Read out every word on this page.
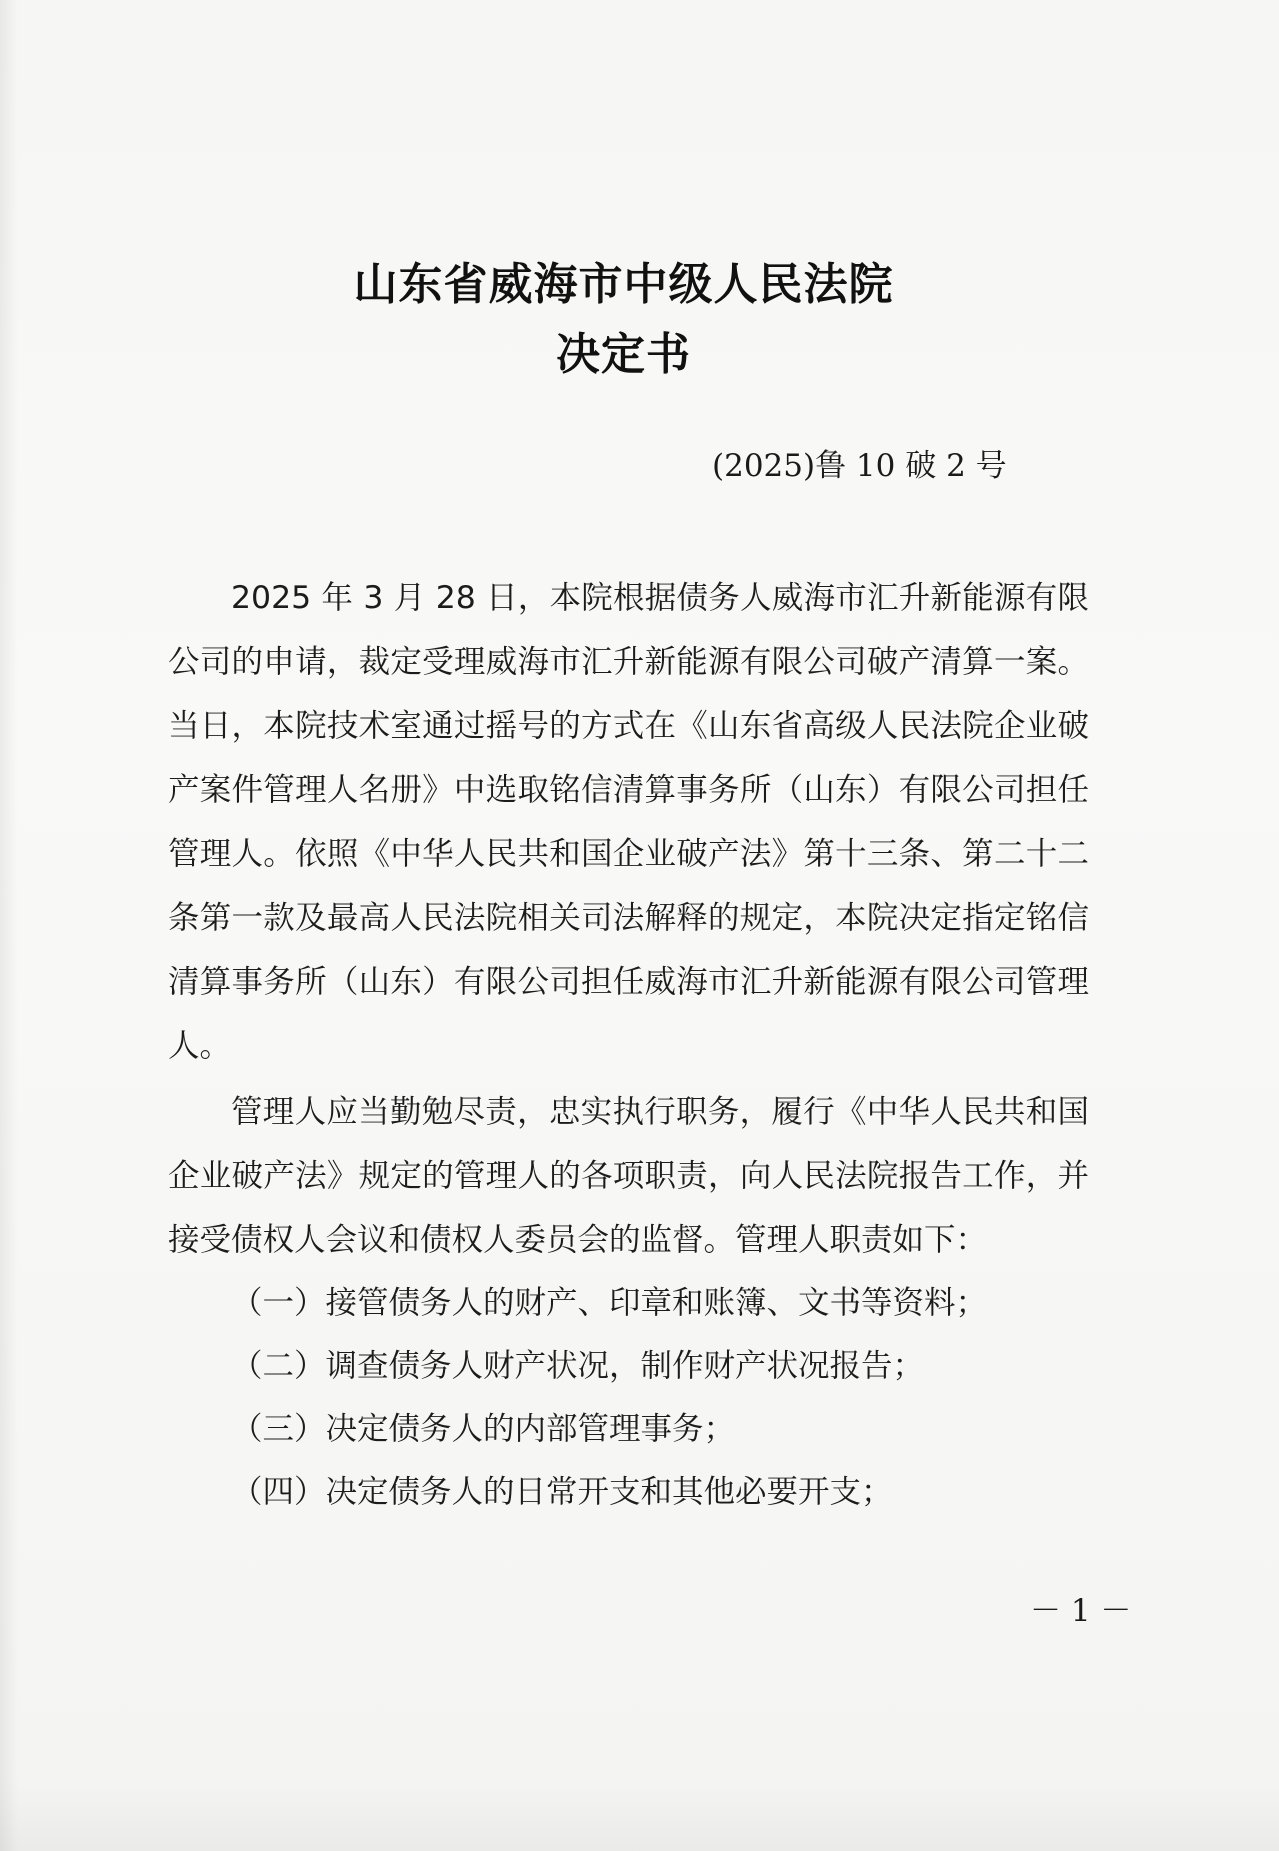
山东省威海市中级人民法院
决定书
(2025)鲁 10 破 2 号

2025 年 3 月 28 日，本院根据债务人威海市汇升新能源有限公司的申请，裁定受理威海市汇升新能源有限公司破产清算一案。当日，本院技术室通过摇号的方式在《山东省高级人民法院企业破产案件管理人名册》中选取铭信清算事务所（山东）有限公司担任管理人。依照《中华人民共和国企业破产法》第十三条、第二十二条第一款及最高人民法院相关司法解释的规定，本院决定指定铭信清算事务所（山东）有限公司担任威海市汇升新能源有限公司管理人。

管理人应当勤勉尽责，忠实执行职务，履行《中华人民共和国企业破产法》规定的管理人的各项职责，向人民法院报告工作，并接受债权人会议和债权人委员会的监督。管理人职责如下：

（一）接管债务人的财产、印章和账簿、文书等资料；
（二）调查债务人财产状况，制作财产状况报告；
（三）决定债务人的内部管理事务；
（四）决定债务人的日常开支和其他必要开支；
－ 1 －
